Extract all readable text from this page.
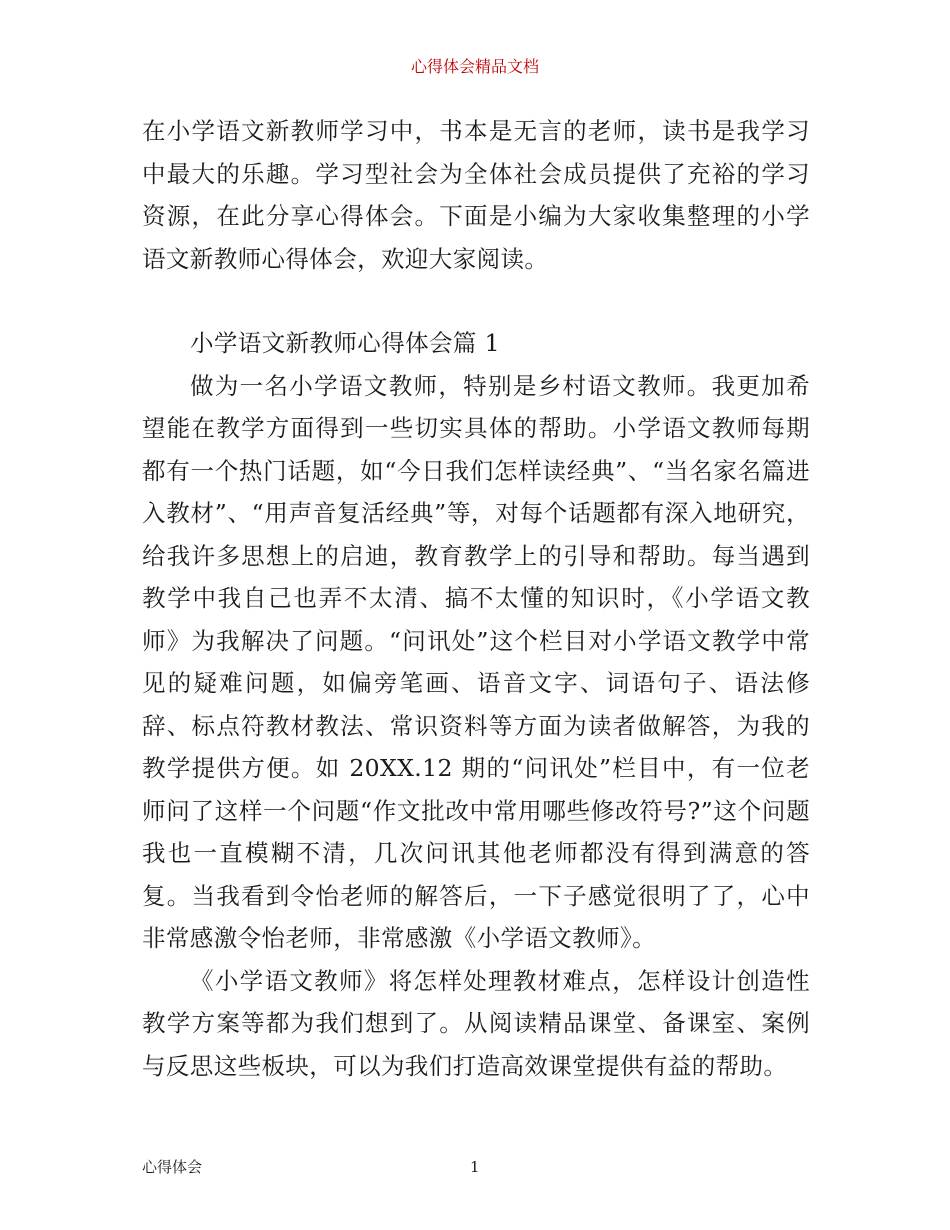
心得体会精品文档

在小学语文新教师学习中，书本是无言的老师，读书是我学习中最大的乐趣。学习型社会为全体社会成员提供了充裕的学习资源，在此分享心得体会。下面是小编为大家收集整理的小学语文新教师心得体会，欢迎大家阅读。

小学语文新教师心得体会篇 1

做为一名小学语文教师，特别是乡村语文教师。我更加希望能在教学方面得到一些切实具体的帮助。小学语文教师每期都有一个热门话题，如“今日我们怎样读经典”、“当名家名篇进入教材”、“用声音复活经典”等，对每个话题都有深入地研究，给我许多思想上的启迪，教育教学上的引导和帮助。每当遇到教学中我自己也弄不太清、搞不太懂的知识时，《小学语文教师》为我解决了问题。“问讯处”这个栏目对小学语文教学中常见的疑难问题，如偏旁笔画、语音文字、词语句子、语法修辞、标点符教材教法、常识资料等方面为读者做解答，为我的教学提供方便。如 20XX.12 期的“问讯处”栏目中，有一位老师问了这样一个问题“作文批改中常用哪些修改符号?”这个问题我也一直模糊不清，几次问讯其他老师都没有得到满意的答复。当我看到令怡老师的解答后，一下子感觉很明了了，心中非常感激令怡老师，非常感激《小学语文教师》。

《小学语文教师》将怎样处理教材难点，怎样设计创造性教学方案等都为我们想到了。从阅读精品课堂、备课室、案例与反思这些板块，可以为我们打造高效课堂提供有益的帮助。

心得体会	1
